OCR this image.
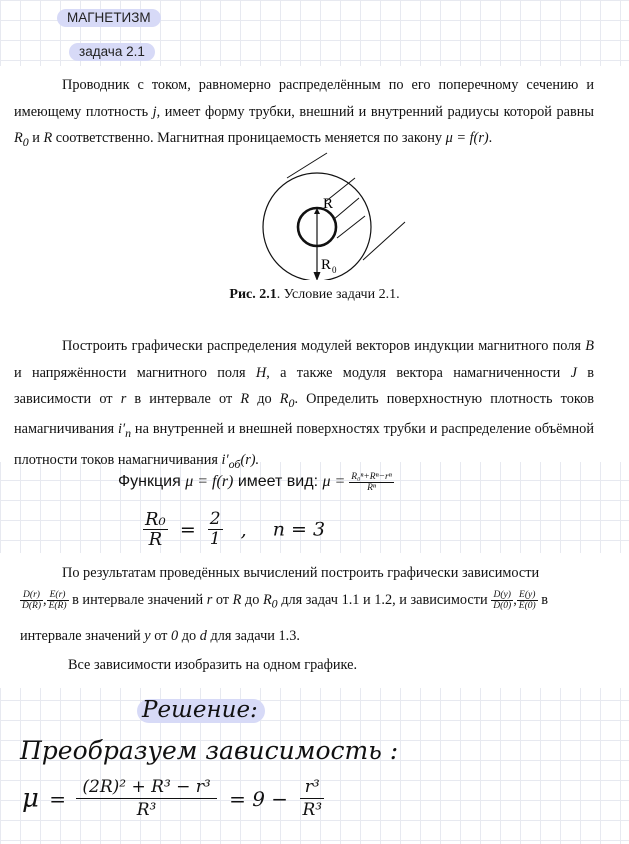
МАГНЕТИЗМ
задача 2.1
Проводник с током, равномерно распределённым по его поперечному сечению и имеющему плотность j, имеет форму трубки, внешний и внутренний радиусы которой равны $R_0$ и R соответственно. Магнитная проницаемость меняется по закону μ = f(r).
R
R 0
Рис. 2.1. Условие задачи 2.1.
Построить графически распределения модулей векторов индукции магнитного поля B и напряжённости магнитного поля H, а также модуля вектора намагниченности J в зависимости от r в интервале от R до $R_0$. Определить поверхностную плотность токов намагничивания $i'_п$ на внутренней и внешней поверхностях трубки и распределение объёмной плотности токов намагничивания $i'_{об}(r)$.
Функция μ = f(r) имеет вид: $\mu = \frac{\text{R₀ⁿ+Rⁿ−rⁿ}}{\text{Rⁿ}}$
$\frac{\text{R₀}}{R} = \frac{2}{1}$ , n = 3
По результатам проведённых вычислений построить графически зависимости
$\frac{D(r)}{D(R)}$ , $\frac{E(r)}{E(R)}$ в интервале значений r от R до $R_0$ для задач 1.1 и 1.2, и зависимости $\frac{D(y)}{D(0)}$ , $\frac{E(y)}{E(0)}$ в
интервале значений y от 0 до d для задачи 1.3.
Все зависимости изобразить на одном графике.
Решение:
Преобразуем зависимость :
$\mu = \frac{\text{(2R)² + R³ − r³}}{\text{R³}} = 9 - \frac{\text{r³}}{\text{R³}}$
